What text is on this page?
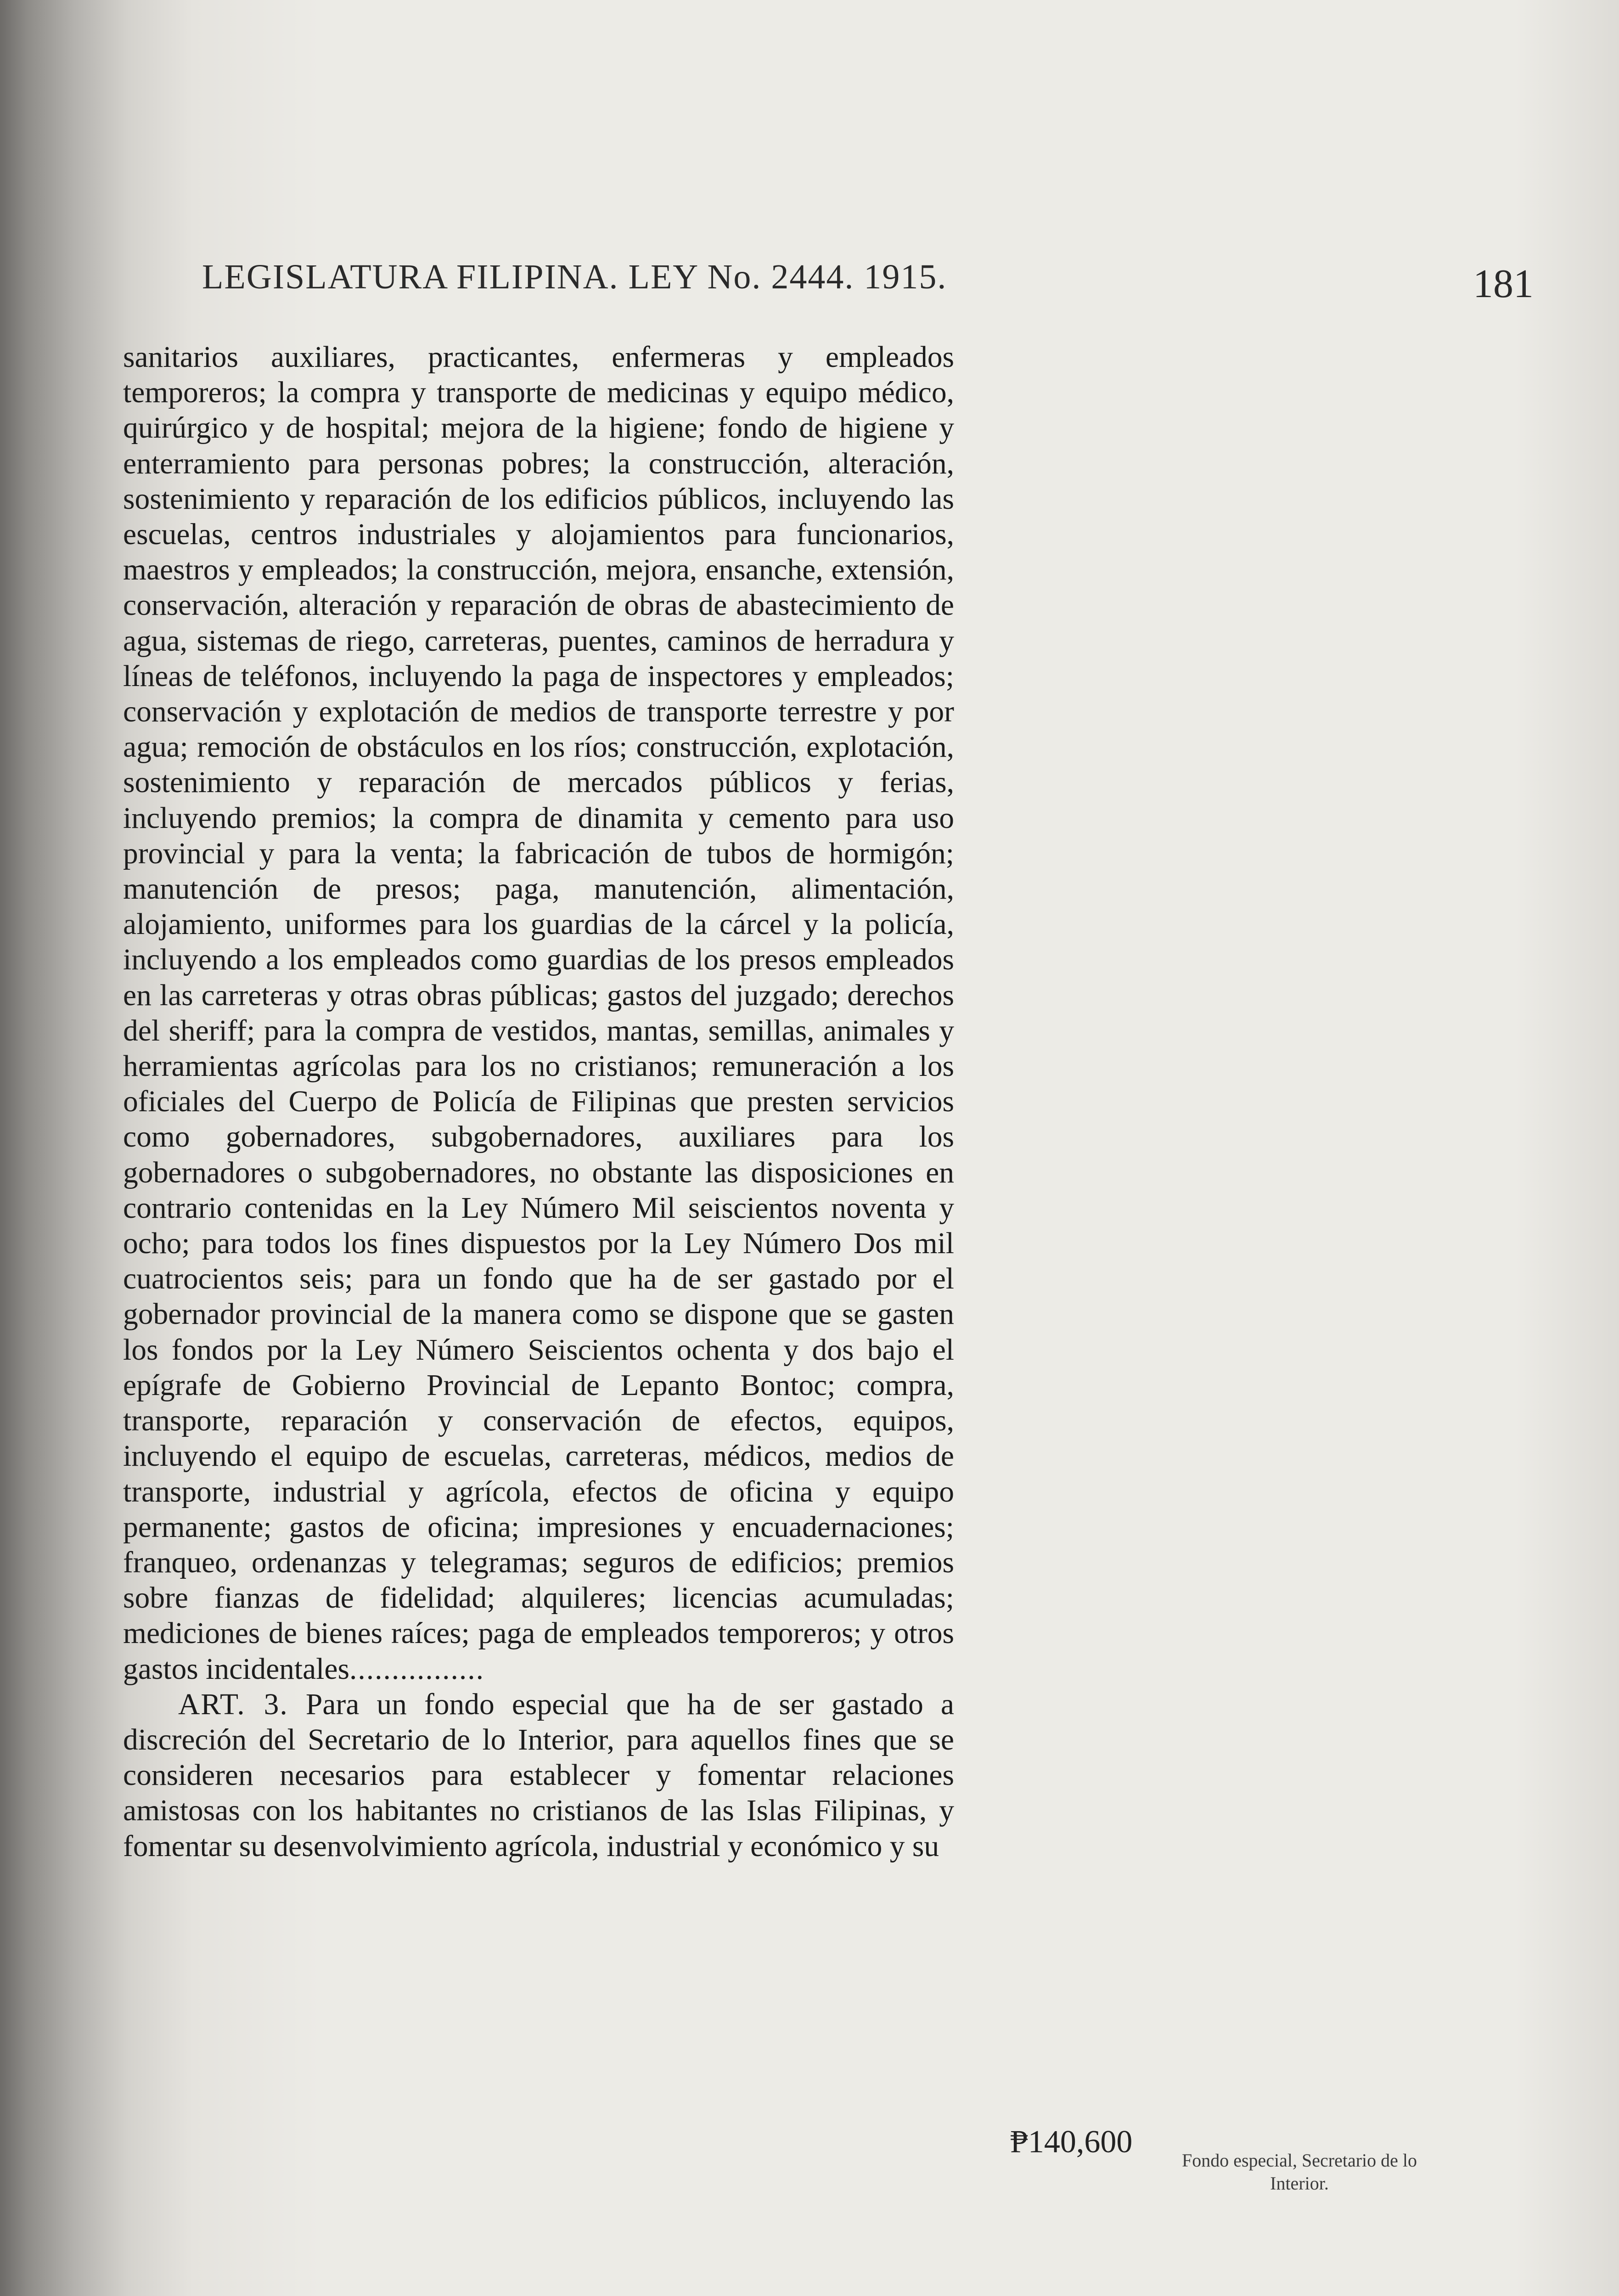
LEGISLATURA FILIPINA. LEY No. 2444. 1915.	181

sanitarios auxiliares, practicantes, enfermeras y empleados temporeros; la compra y transporte de medicinas y equipo médico, quirúrgico y de hospital; mejora de la higiene; fondo de higiene y enterramiento para personas pobres; la construcción, alteración, sostenimiento y reparación de los edificios públicos, incluyendo las escuelas, centros industriales y alojamientos para funcionarios, maestros y empleados; la construcción, mejora, ensanche, extensión, conservación, alteración y reparación de obras de abastecimiento de agua, sistemas de riego, carreteras, puentes, caminos de herradura y líneas de teléfonos, incluyendo la paga de inspectores y empleados; conservación y explotación de medios de transporte terrestre y por agua; remoción de obstáculos en los ríos; construcción, explotación, sostenimiento y reparación de mercados públicos y ferias, incluyendo premios; la compra de dinamita y cemento para uso provincial y para la venta; la fabricación de tubos de hormigón; manutención de presos; paga, manutención, alimentación, alojamiento, uniformes para los guardias de la cárcel y la policía, incluyendo a los empleados como guardias de los presos empleados en las carreteras y otras obras públicas; gastos del juzgado; derechos del sheriff; para la compra de vestidos, mantas, semillas, animales y herramientas agrícolas para los no cristianos; remuneración a los oficiales del Cuerpo de Policía de Filipinas que presten servicios como gobernadores, subgobernadores, auxiliares para los gobernadores o subgobernadores, no obstante las disposiciones en contrario contenidas en la Ley Número Mil seiscientos noventa y ocho; para todos los fines dispuestos por la Ley Número Dos mil cuatrocientos seis; para un fondo que ha de ser gastado por el gobernador provincial de la manera como se dispone que se gasten los fondos por la Ley Número Seiscientos ochenta y dos bajo el epígrafe de Gobierno Provincial de Lepanto Bontoc; compra, transporte, reparación y conservación de efectos, equipos, incluyendo el equipo de escuelas, carreteras, médicos, medios de transporte, industrial y agrícola, efectos de oficina y equipo permanente; gastos de oficina; impresiones y encuadernaciones; franqueo, ordenanzas y telegramas; seguros de edificios; premios sobre fianzas de fidelidad; alquileres; licencias acumuladas; mediciones de bienes raíces; paga de empleados temporeros; y otros gastos incidentales................

ART. 3. Para un fondo especial que ha de ser gastado a discreción del Secretario de lo Interior, para aquellos fines que se consideren necesarios para establecer y fomentar relaciones amistosas con los habitantes no cristianos de las Islas Filipinas, y fomentar su desenvolvimiento agrícola, industrial y económico y su

₱140,600
Fondo especial, Secretario de lo Interior.
